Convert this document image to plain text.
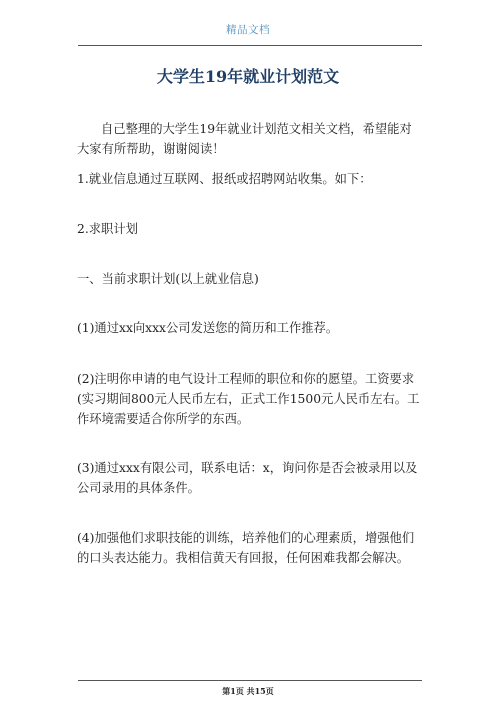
精品文档
大学生19年就业计划范文

自己整理的大学生19年就业计划范文相关文档，希望能对大家有所帮助，谢谢阅读！

1.就业信息通过互联网、报纸或招聘网站收集。如下：

2.求职计划

一、当前求职计划(以上就业信息)

(1)通过xx向xxx公司发送您的简历和工作推荐。

(2)注明你申请的电气设计工程师的职位和你的愿望。工资要求(实习期间800元人民币左右，正式工作1500元人民币左右。工作环境需要适合你所学的东西。

(3)通过xxx有限公司，联系电话：x，询问你是否会被录用以及公司录用的具体条件。

(4)加强他们求职技能的训练，培养他们的心理素质，增强他们的口头表达能力。我相信黄天有回报，任何困难我都会解决。

第1页 共15页
